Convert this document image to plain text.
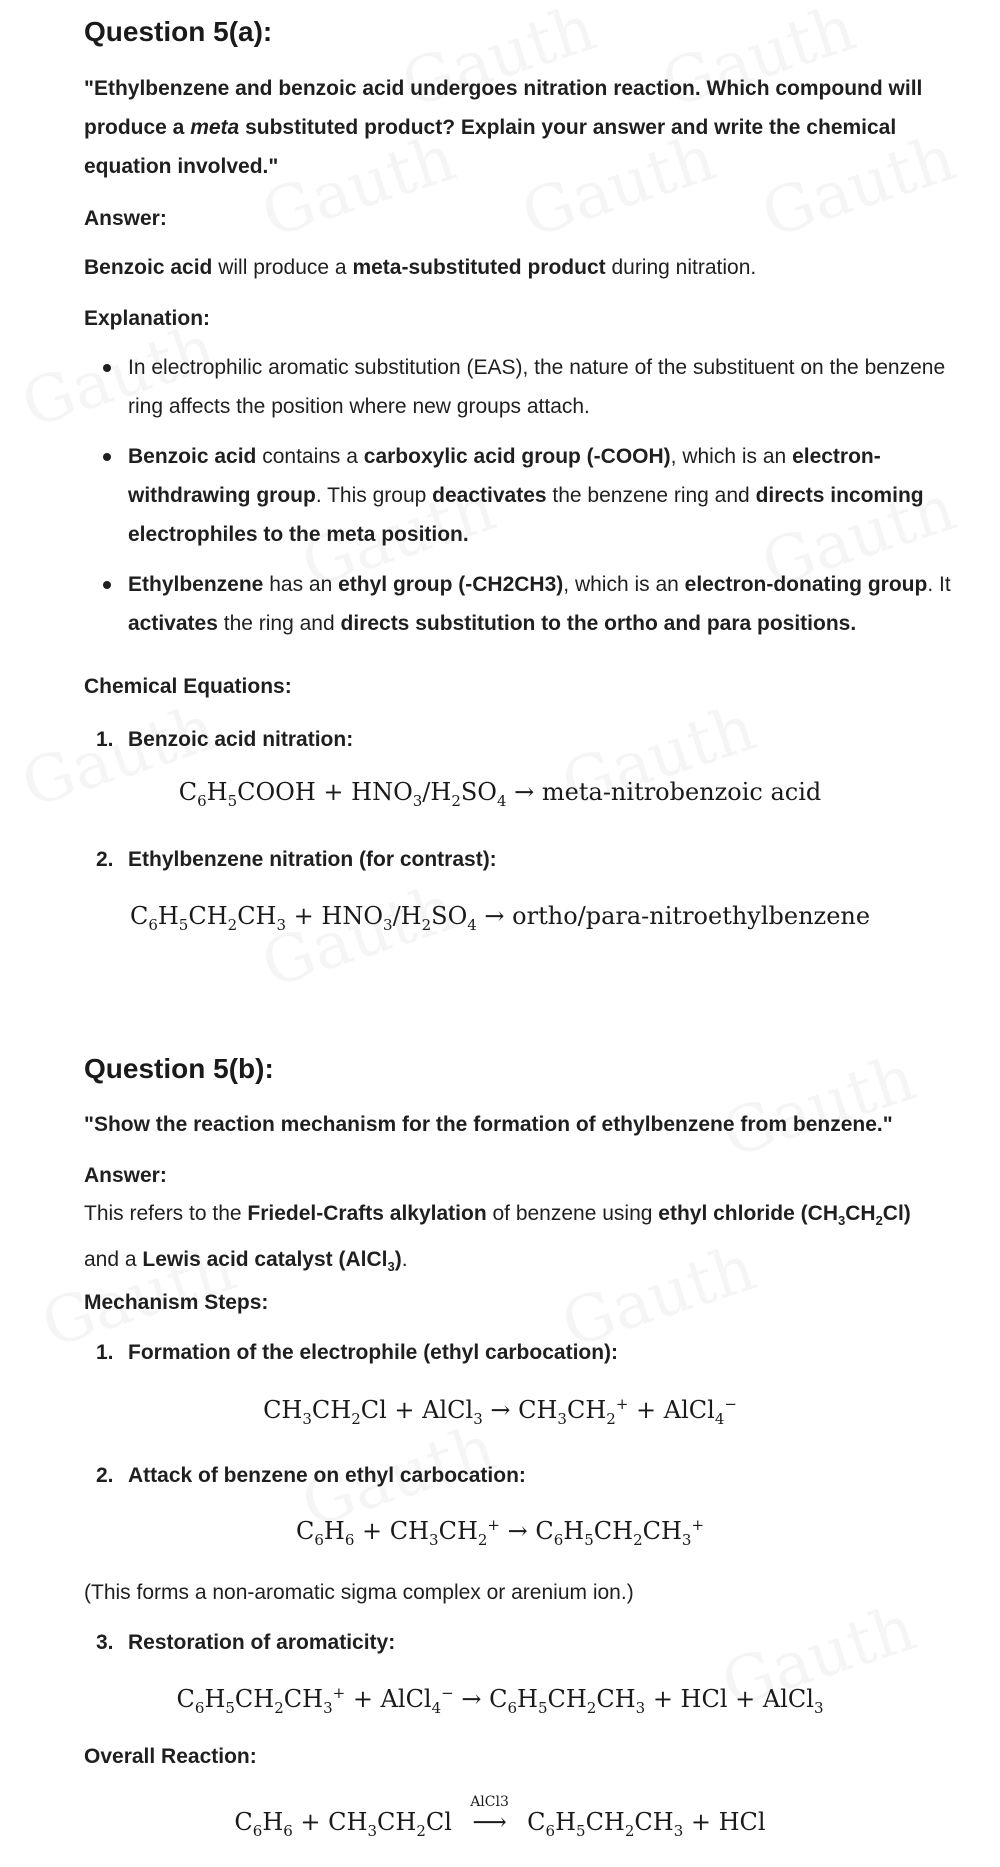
Question 5(a):
"Ethylbenzene and benzoic acid undergoes nitration reaction. Which compound will
produce a meta substituted product? Explain your answer and write the chemical
equation involved."
Answer:
Benzoic acid will produce a meta-substituted product during nitration.
Explanation:
In electrophilic aromatic substitution (EAS), the nature of the substituent on the benzene ring affects the position where new groups attach.
Benzoic acid contains a carboxylic acid group (-COOH), which is an electron-withdrawing group. This group deactivates the benzene ring and directs incoming electrophiles to the meta position.
Ethylbenzene has an ethyl group (-CH2CH3), which is an electron-donating group. It activates the ring and directs substitution to the ortho and para positions.
Chemical Equations:
1. Benzoic acid nitration:
$C_6H_5COOH + HNO_3/H_2SO_4$ → meta-nitrobenzoic acid
2. Ethylbenzene nitration (for contrast):
$C_6H_5CH_2CH_3 + HNO_3/H_2SO_4$ → ortho/para-nitroethylbenzene
Question 5(b):
"Show the reaction mechanism for the formation of ethylbenzene from benzene."
Answer:
This refers to the Friedel-Crafts alkylation of benzene using ethyl chloride $(CH_3CH_2Cl)$
and a Lewis acid catalyst (AlCl$_3$).
Mechanism Steps:
1. Formation of the electrophile (ethyl carbocation):
$CH_3CH_2Cl$ + AlCl$_3$ → $CH_3CH_2^+$ + AlCl$_4$−
2. Attack of benzene on ethyl carbocation:
$C_6H_6 + CH_3CH_2^+ \to C_6H_5CH_2CH_3^+$
(This forms a non-aromatic sigma complex or arenium ion.)
3. Restoration of aromaticity:
$C_6H_5CH_2CH_3^+$ + AlCl$_4$− → $C_6H_5CH_2CH_3$ + HCl + AlCl$_3$
Overall Reaction:
$C_6H_6 + CH_3CH_2Cl$
AlCl3
⟶ $C_6H_5CH_2CH_3$ + HCl
